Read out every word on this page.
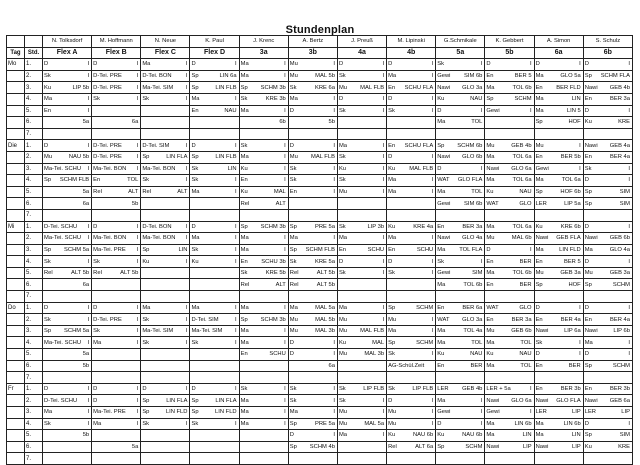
Stundenplan
		N. Tolksdorf	M. Hoffmann	N. Neue	K. Paul	J. Krenc	A. Bertz	J. Preuß	M. Lipinski	G.Schmikale	K. Gebbert	A. Simon	S. Schulz
Tag	Std.	Flex A	Flex B	Flex C	Flex D	3a	3b	4a	4b	5a	5b	6a	6b
Mo	1.	D I	D I	Ma I	D I	Ma I	Mu I	D I	D I	Sk I	D I	D I	D I

	2.	Sk I	D-Tei. PRE I	D-Tei. BON I	Sp LIN 6a	Ma I	Mu MAL 5b	Sk I	Ma I	Gewi SIM 6b	En BER 5	Ma GLO 5a	Sp SCHM FLA

	3.	Ku LIP 5b	D-Tei. PRE I	Ma-Tei. SIM I	Sp LIN FLB	Sp SCHM 3b	Sk KRE 6a	Mu MAL FLB	En SCHU FLA	Nawi GLO 3a	Ma TOL 6b	En BER FLD	Nawi GEB 4b

	4.	Ma I	Sk I	Sk I	Ma I	Sk KRE 3b	Ma I	D I	D I	Ku NAU	Sp SCHM	Ma LIN	En BER 3a

	5.	En I			En NAU	Ma I	D I	Sk I	Sk I	D I	Gewi I	Ma LIN 5	D I

	6.	5a	6a			6b	5b			Ma TOL		Sp HOF	Ku KRE

	7.	

Die	1.	D I	D-Tei. PRE I	D-Tei. SIM I	D I	Sk I	D I	Ma I	En SCHU FLA	Sp SCHM 6b	Mu GEB 4b	Mu I	Nawi GEB 4a

	2.	Mu NAU 5b	D-Tei. PRE I	Sp LIN FLA	Sp LIN FLB	Ma I	Mu MAL FLB	Sk I	D I	Nawi GLO 6b	Ma TOL 6a	En BER 5b	En BER 4a

	3.	Ma-Tei. SCHU I	Ma-Tei. BON I	Ma-Tei. BON I	Sk LIN	Ku I	Sk I	Ku I	Ku MAL FLB	D I	Nawi GLO 6a	Gewi I	Sk I

	4.	Sp SCHM FLB	En TOL	Sk I	Sk I	En I	Sk I	Sk I	Ma I	WAT GLO FLA	Ma TOL 6a	Ma TOL 6a	D I

	5.	5a	Rel ALT	Rel ALT	Ma I	Ku MAL	En I	Mu I	Ma I	Ma TOL	Ku NAU	Sp HOF 6b	Sp SIM

	6.	6a	5b			Rel ALT				Gewi SIM 6b	WAT GLO	LER LIP 5a	Sp SIM

	7.	

Mi	1.	D-Tei. SCHU I	D I	D-Tei. BON I	D I	Sp SCHM 3b	Sp PRE 5a	Sk LIP 3b	Ku KRE 4a	En BER 3a	Ma TOL 6a	Ku KRE 6b	D I

	2.	Ma-Tei. SCHU I	Ma-Tei. BON I	Ma-Tei. BON I	Ma I	Ma I	Ma I	Ma I	Ma I	Nawi GLO 4a	Mu MAL 6b	Nawi GEB FLA	Nawi GEB 6b

	3.	Sp SCHM 5a	Ma-Tei. PRE I	Sp LIN	Sk I	Ma I	Sp SCHM FLB	En SCHU	En SCHU	Ma TOL FLA	D I	Ma LIN FLD	Ma GLO 4a

	4.	Sk I	Sk I	Ku I	Ku I	En SCHU 3b	Sk KRE 5a	D I	D I	Sk I	En BER	En BER 5	D I

	5.	Rel ALT 5b	Rel ALT 5b			Sk KRE 5b	Rel ALT 5b	Sk I	Sk I	Gewi SIM	Ma TOL 6b	Mu GEB 3a	Mu GEB 3a

	6.	6a				Rel ALT	Rel ALT 5b			Ma TOL 6b	En BER	Sp HOF	Sp SCHM

	7.	

Do	1.	D I	D I	Ma I	Ma I	Ma I	Ma MAL 5a	Ma I	Sp SCHM	En BER 6a	WAT GLO	D I	D I

	2.	Sk I	D-Tei. PRE I	Sk I	D-Tei. SIM I	Sp SCHM 3b	Mu MAL 5b	Mu I	Mu I	WAT GLO 3a	En BER 3a	En BER 4a	En BER 4a

	3.	Sp SCHM 5a	Sk I	Ma-Tei. SIM I	Ma-Tei. SIM I	Ma I	Mu MAL 3b	Mu MAL FLB	Ma I	Ma TOL 4a	Mu GEB 6b	Nawi LIP 6a	Nawi LIP 6b

	4.	Ma-Tei. SCHU I	Ma I	Sk I	Sk I	Ma I	D I	Ku MAL	Sp SCHM	Ma TOL	Ma TOL	Sk I	Ma I

	5.	5a				En SCHU	D I	Mu MAL 3b	Sk I	Ku NAU	Ku NAU	D I	D I

	6.	5b					6a		AG-Schül.Zeit	En BER	Ma TOL	En BER	Sp SCHM

	7.	

Fr	1.	D I	D I	D I	D I	Sk I	Sk I	Sk LIP FLB	Sk LIP FLB	LER GEB 4b	LER + 5a I	En BER 3b	En BER 3b

	2.	D-Tei. SCHU I	D I	Sp LIN FLA	Sp LIN FLA	Ma I	Sk I	Sk I	D I	Ma I	Nawi GLO 6a	Nawi GLO FLA	Nawi GEB 6a

	3.	Ma I	Ma-Tei. PRE I	Sp LIN FLD	Sp LIN FLD	Ma I	Ma I	Mu I	Mu I	Gewi I	Gewi I	LER LIP	LER LIP

	4.	Sk I	Ma I	Sk I	Sk I	Ma I	Sp PRE 5a	Mu MAL 5a	Mu I	D I	Ma LIN 6b	Ma LIN 6b	D I

	5.	5b					D I	Ma I	Ku NAU 6b	Ku NAU 6b	Ma LIN	Ma LIN	Sp SIM

	6.		5a				Sp SCHM 4b		Rel ALT 6a	Sp SCHM	Nawi LIP	Nawi LIP	Ku KRE

	7.	
